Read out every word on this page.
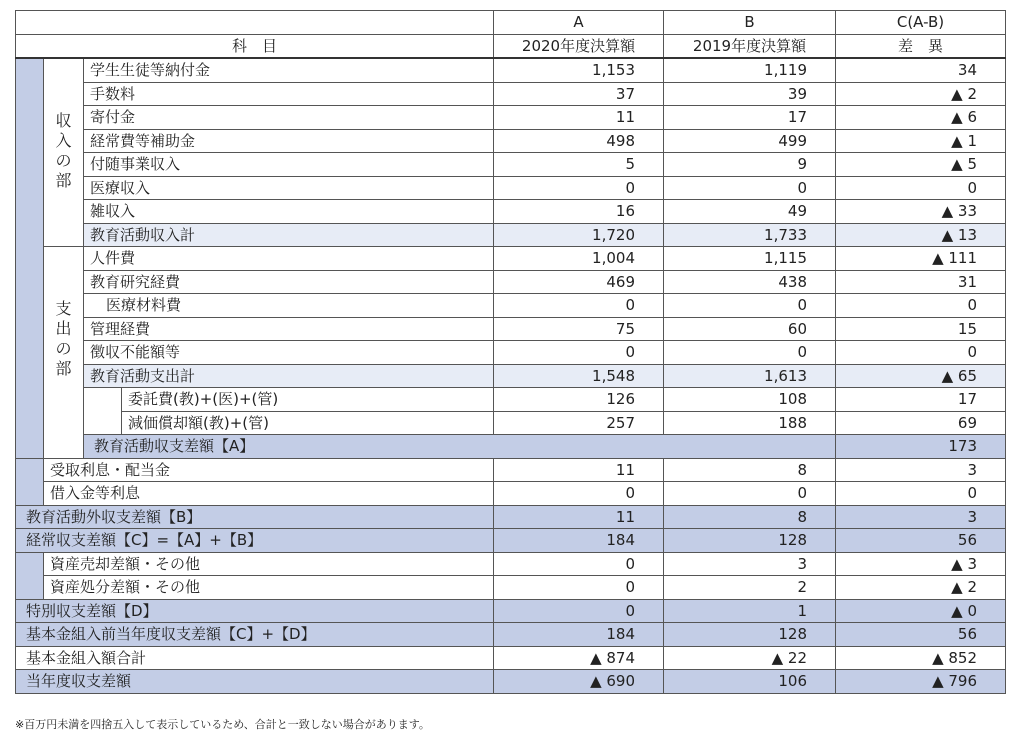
				A	B	C(A-B)	
科　目				2020年度決算額	2019年度決算額	差　異	
	収入の部	学生生徒等納付金		1,153	1,119	34	
		手数料		37	39	▲ 2	
		寄付金		11	17	▲ 6	
		経常費等補助金		498	499	▲ 1	
		付随事業収入		5	9	▲ 5	
		医療収入		0	0	0	
		雑収入		16	49	▲ 33	
		教育活動収入計		1,720	1,733	▲ 13	
	支出の部	人件費		1,004	1,115	▲ 111	
		教育研究経費		469	438	31	
		医療材料費		0	0	0	
		管理経費		75	60	15	
		徴収不能額等		0	0	0	
		教育活動支出計		1,548	1,613	▲ 65	
			委託費(教)+(医)+(管)	126	108	17	
			減価償却額(教)+(管)	257	188	69	
		教育活動収支差額【A】				173		
	受取利息・配当金			11	8	3	
	借入金等利息			0	0	0	
教育活動外収支差額【B】				11	8	3	
経常収支差額【C】=【A】+【B】				184	128	56	
	資産売却差額・その他			0	3	▲ 3	
	資産処分差額・その他			0	2	▲ 2	
特別収支差額【D】				0	1	▲ 0	
基本金組入前当年度収支差額【C】+【D】				184	128	56	
基本金組入額合計				▲ 874	▲ 22	▲ 852	
当年度収支差額				▲ 690	106	▲ 796	
※百万円未満を四捨五入して表示しているため、合計と一致しない場合があります。
